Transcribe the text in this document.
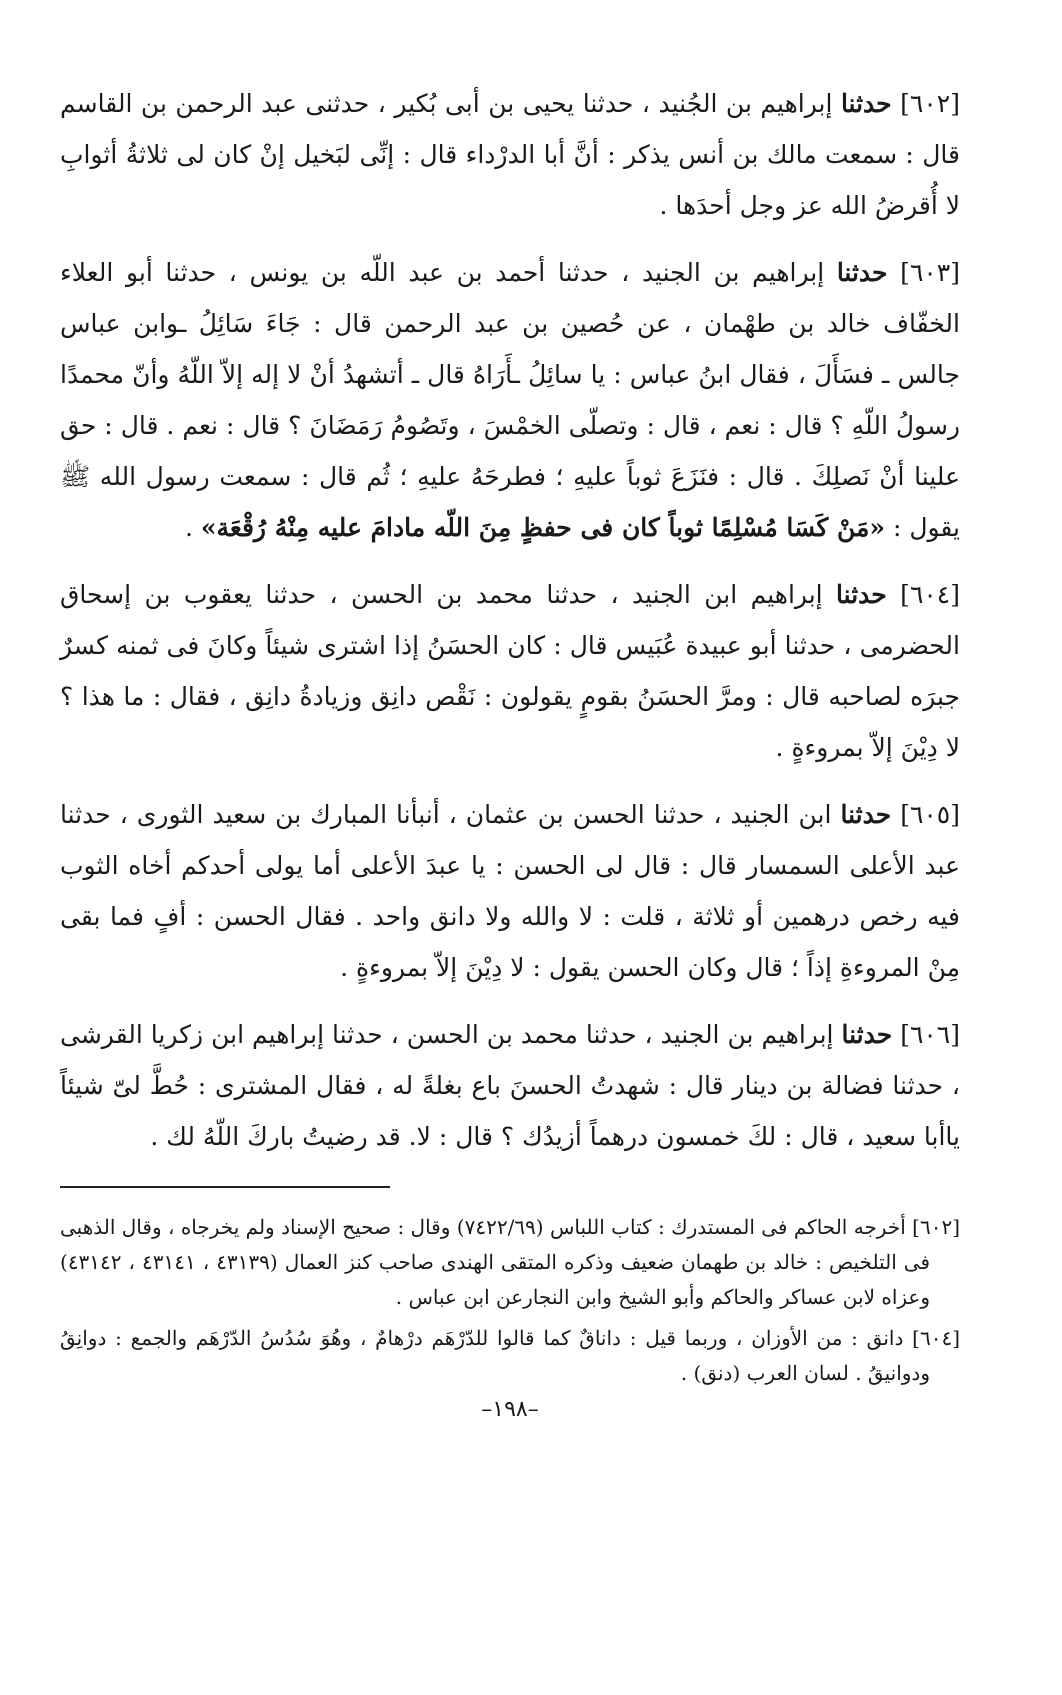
[٦٠٢] حدثنا إبراهيم بن الجُنيد ، حدثنا يحيى بن أبى بُكير ، حدثنى عبد الرحمن بن القاسم قال : سمعت مالك بن أنس يذكر : أنَّ أبا الدرْداء قال : إنِّى لبَخيل إنْ كان لى ثلاثةُ أثوابِ لا أُقرضُ الله عز وجل أحدَها .

[٦٠٣] حدثنا إبراهيم بن الجنيد ، حدثنا أحمد بن عبد اللّه بن يونس ، حدثنا أبو العلاء الخفّاف خالد بن طهْمان ، عن حُصين بن عبد الرحمن قال : جَاءَ سَائِلُ ـوابن عباس جالس ـ فسَأَلَ ، فقال ابنُ عباس : يا سائِلُ ـأَرَاهُ قال ـ أتشهدُ أنْ لا إله إلاّ اللّهُ وأنّ محمدًا رسولُ اللّهِ ؟ قال : نعم ، قال : وتصلّى الخمْسَ ، وتَصُومُ رَمَضَانَ ؟ قال : نعم . قال : حق علينا أنْ نَصلِكَ . قال : فنَزَعَ ثوباً عليهِ ؛ فطرحَهُ عليهِ ؛ ثُم قال : سمعت رسول الله ﷺ يقول : «مَنْ كَسَا مُسْلِمًا ثوباً كان فى حفظٍ مِنَ اللّه مادامَ عليه مِنْهُ رُقْعَة» .

[٦٠٤] حدثنا إبراهيم ابن الجنيد ، حدثنا محمد بن الحسن ، حدثنا يعقوب بن إسحاق الحضرمى ، حدثنا أبو عبيدة عُبَيس قال : كان الحسَنُ إذا اشترى شيئاً وكانَ فى ثمنه كسرٌ جبرَه لصاحبه قال : ومرَّ الحسَنُ بقومٍ يقولون : نَقْص دانِق وزيادةُ دانِق ، فقال : ما هذا ؟ لا دِيْنَ إلاّ بمروءةٍ .

[٦٠٥] حدثنا ابن الجنيد ، حدثنا الحسن بن عثمان ، أنبأنا المبارك بن سعيد الثورى ، حدثنا عبد الأعلى السمسار قال : قال لى الحسن : يا عبدَ الأعلى أما يولى أحدكم أخاه الثوب فيه رخص درهمين أو ثلاثة ، قلت : لا والله ولا دانق واحد . فقال الحسن : أفٍ فما بقى مِنْ المروءةِ إذاً ؛ قال وكان الحسن يقول : لا دِيْنَ إلاّ بمروءةٍ .

[٦٠٦] حدثنا إبراهيم بن الجنيد ، حدثنا محمد بن الحسن ، حدثنا إبراهيم ابن زكريا القرشى ، حدثنا فضالة بن دينار قال : شهدتُ الحسنَ باع بغلةً له ، فقال المشترى : حُطَّ لىّ شيئاً ياأبا سعيد ، قال : لكَ خمسون درهماً أزيدُك ؟ قال : لا. قد رضيتُ باركَ اللّهُ لك .

[٦٠٢] أخرجه الحاكم فى المستدرك : كتاب اللباس (٧٤٢٢/٦٩) وقال : صحيح الإسناد ولم يخرجاه ، وقال الذهبى فى التلخيص : خالد بن طهمان ضعيف وذكره المتقى الهندى صاحب كنز العمال (٤٣١٣٩ ، ٤٣١٤١ ، ٤٣١٤٢) وعزاه لابن عساكر والحاكم وأبو الشيخ وابن النجارعن ابن عباس .

[٦٠٤] دانق : من الأوزان ، وربما قيل : داناقٌ كما قالوا للدّرْهَم درْهامٌ ، وهُوَ سُدُسُ الدّرْهَم والجمع : دوانِقُ ودوانيقُ . لسان العرب (دنق) .

–١٩٨–
